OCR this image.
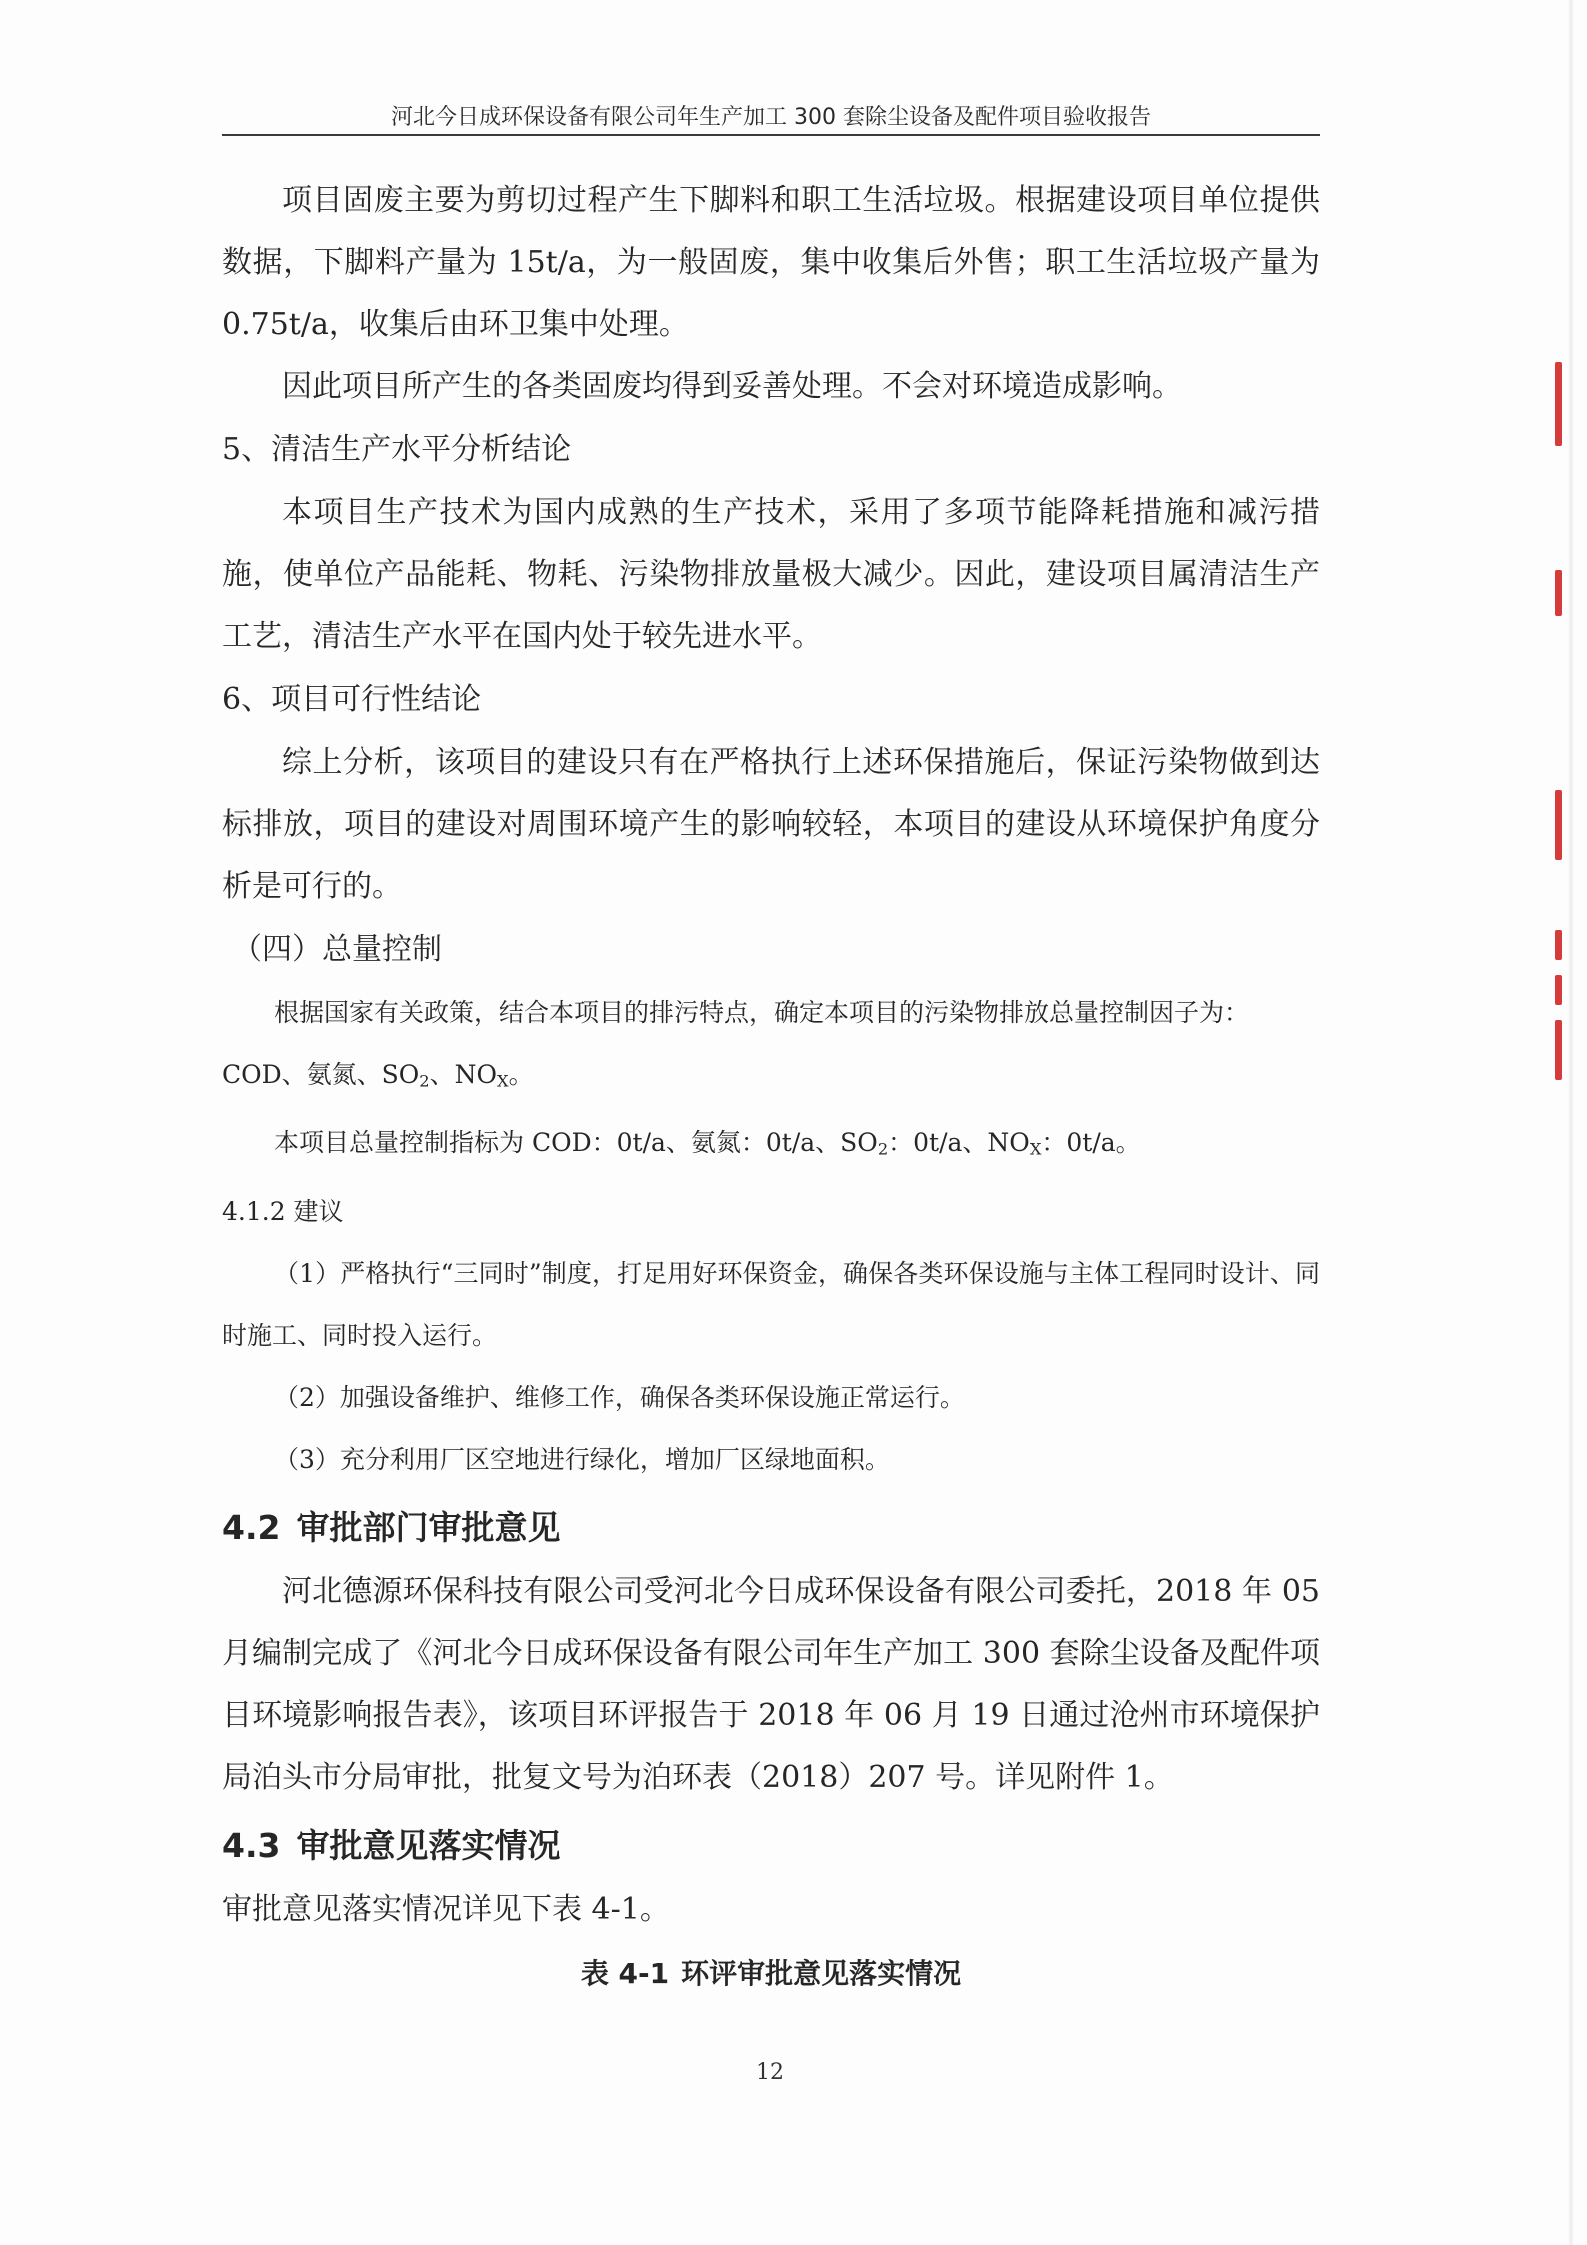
河北今日成环保设备有限公司年生产加工 300 套除尘设备及配件项目验收报告

项目固废主要为剪切过程产生下脚料和职工生活垃圾。根据建设项目单位提供数据，下脚料产量为 15t/a，为一般固废，集中收集后外售；职工生活垃圾产量为 0.75t/a，收集后由环卫集中处理。

因此项目所产生的各类固废均得到妥善处理。不会对环境造成影响。

5、清洁生产水平分析结论

本项目生产技术为国内成熟的生产技术，采用了多项节能降耗措施和减污措施，使单位产品能耗、物耗、污染物排放量极大减少。因此，建设项目属清洁生产工艺，清洁生产水平在国内处于较先进水平。

6、项目可行性结论

综上分析，该项目的建设只有在严格执行上述环保措施后，保证污染物做到达标排放，项目的建设对周围环境产生的影响较轻，本项目的建设从环境保护角度分析是可行的。

（四）总量控制

根据国家有关政策，结合本项目的排污特点，确定本项目的污染物排放总量控制因子为：

COD、氨氮、$SO_2$、$NO_X$。

本项目总量控制指标为 COD：0t/a、氨氮：0t/a、$SO_2$：0t/a、$NO_X$：0t/a。

4.1.2 建议

（1）严格执行“三同时”制度，打足用好环保资金，确保各类环保设施与主体工程同时设计、同时施工、同时投入运行。

（2）加强设备维护、维修工作，确保各类环保设施正常运行。

（3）充分利用厂区空地进行绿化，增加厂区绿地面积。

4.2 审批部门审批意见

河北德源环保科技有限公司受河北今日成环保设备有限公司委托，2018 年 05 月编制完成了《河北今日成环保设备有限公司年生产加工 300 套除尘设备及配件项目环境影响报告表》，该项目环评报告于 2018 年 06 月 19 日通过沧州市环境保护局泊头市分局审批，批复文号为泊环表（2018）207 号。详见附件 1。

4.3 审批意见落实情况

审批意见落实情况详见下表 4-1。

表 4-1 环评审批意见落实情况

12
